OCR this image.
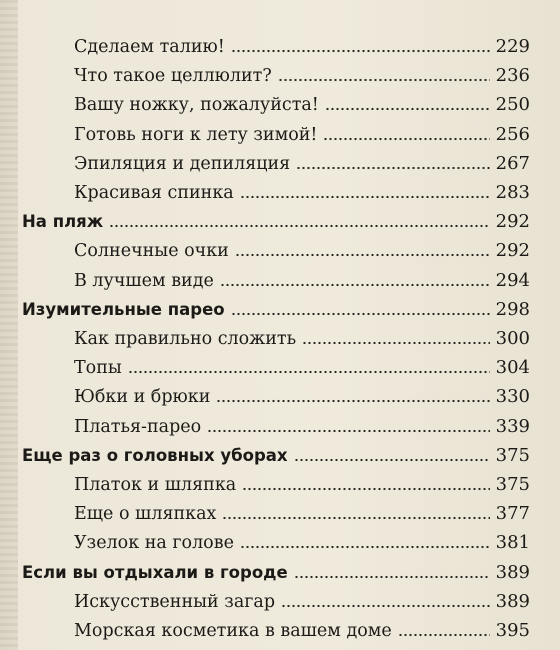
Сделаем талию!	229
Что такое целлюлит?	236
Вашу ножку, пожалуйста!	250
Готовь ноги к лету зимой!	256
Эпиляция и депиляция	267
Красивая спинка	283
На пляж	292
Солнечные очки	292
В лучшем виде	294
Изумительные парео	298
Как правильно сложить	300
Топы	304
Юбки и брюки	330
Платья-парео	339
Еще раз о головных уборах	375
Платок и шляпка	375
Еще о шляпках	377
Узелок на голове	381
Если вы отдыхали в городе	389
Искусственный загар	389
Морская косметика в вашем доме	395
